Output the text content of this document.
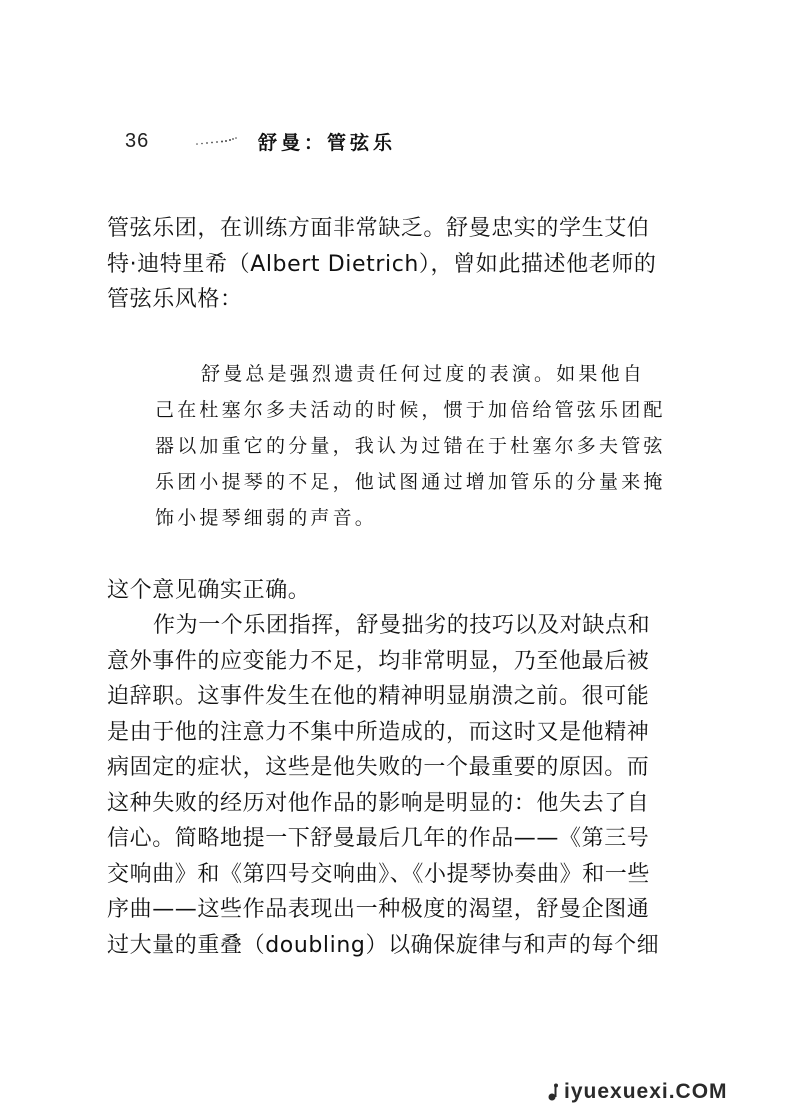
36	舒曼：管弦乐

管弦乐团，在训练方面非常缺乏。舒曼忠实的学生艾伯特·迪特里希（Albert Dietrich），曾如此描述他老师的管弦乐风格：

舒曼总是强烈遗责任何过度的表演。如果他自己在杜塞尔多夫活动的时候，惯于加倍给管弦乐团配器以加重它的分量，我认为过错在于杜塞尔多夫管弦乐团小提琴的不足，他试图通过增加管乐的分量来掩饰小提琴细弱的声音。

这个意见确实正确。

作为一个乐团指挥，舒曼拙劣的技巧以及对缺点和意外事件的应变能力不足，均非常明显，乃至他最后被迫辞职。这事件发生在他的精神明显崩溃之前。很可能是由于他的注意力不集中所造成的，而这时又是他精神病固定的症状，这些是他失败的一个最重要的原因。而这种失败的经历对他作品的影响是明显的：他失去了自信心。简略地提一下舒曼最后几年的作品——《第三号交响曲》和《第四号交响曲》、《小提琴协奏曲》和一些序曲——这些作品表现出一种极度的渴望，舒曼企图通过大量的重叠（doubling）以确保旋律与和声的每个细

iyuexuexi.COM
